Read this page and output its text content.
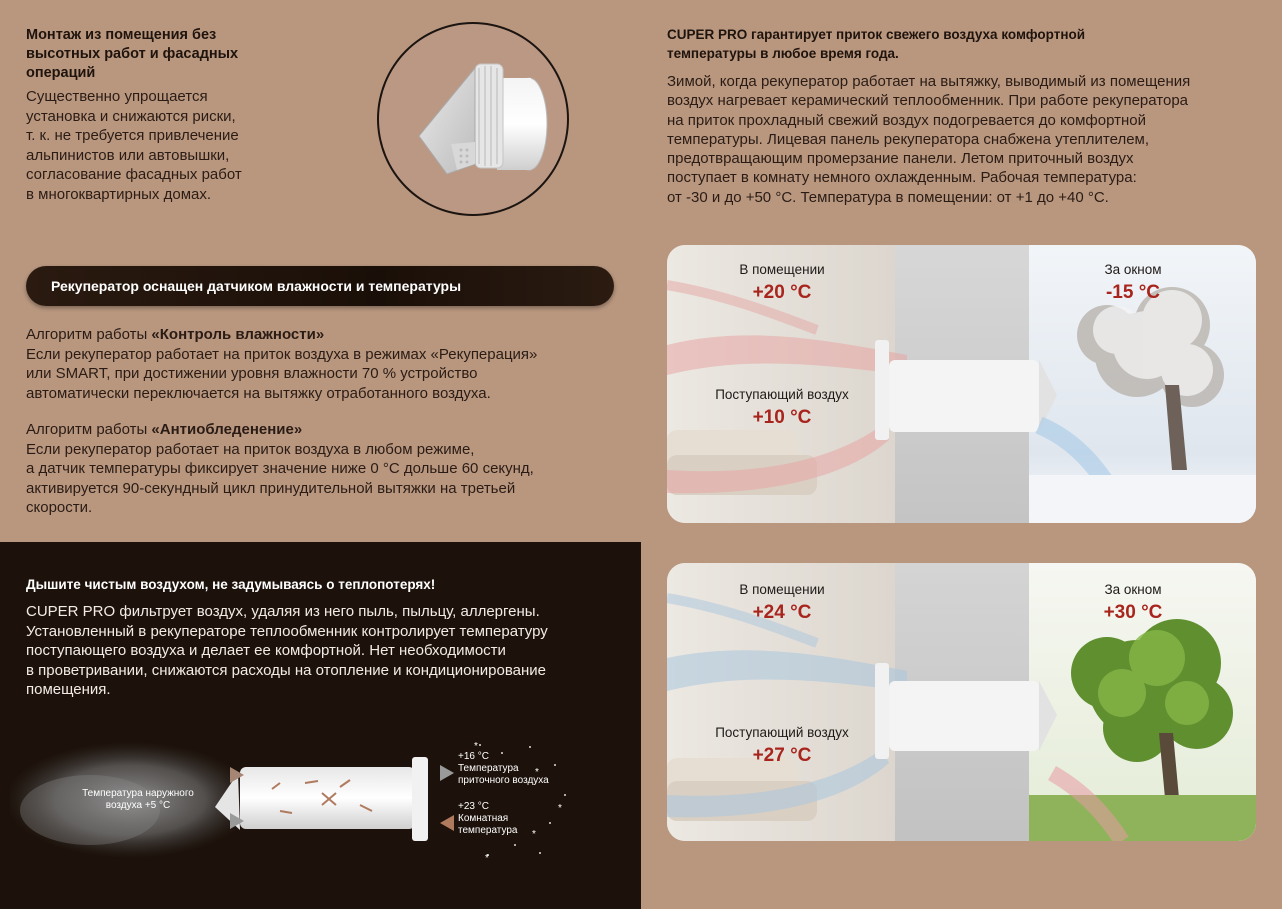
Монтаж из помещения без
высотных работ и фасадных
операций
Существенно упрощается
установка и снижаются риски,
т. к. не требуется привлечение
альпинистов или автовышки,
согласование фасадных работ
в многоквартирных домах.
Рекуператор оснащен датчиком влажности и температуры
Алгоритм работы «Контроль влажности»
Если рекуператор работает на приток воздуха в режимах «Рекуперация»
или SMART, при достижении уровня влажности 70 % устройство
автоматически переключается на вытяжку отработанного воздуха.
Алгоритм работы «Антиобледенение»
Если рекуператор работает на приток воздуха в любом режиме,
а датчик температуры фиксирует значение ниже 0 °С дольше 60 секунд,
активируется 90-секундный цикл принудительной вытяжки на третьей
скорости.
Дышите чистым воздухом, не задумываясь о теплопотерях!
CUPER PRO фильтрует воздух, удаляя из него пыль, пыльцу, аллергены.
Установленный в рекуператоре теплообменник контролирует температуру
поступающего воздуха и делает ее комфортной. Нет необходимости
в проветривании, снижаются расходы на отопление и кондиционирование
помещения.
*
*
*
*
*
Температура наружного
воздуха +5 °С
+16 °С
Температура
приточного воздуха
+23 °С
Комнатная
температура
CUPER PRO гарантирует приток свежего воздуха комфортной
температуры в любое время года.
Зимой, когда рекуператор работает на вытяжку, выводимый из помещения
воздух нагревает керамический теплообменник. При работе рекуператора
на приток прохладный свежий воздух подогревается до комфортной
температуры. Лицевая панель рекуператора снабжена утеплителем,
предотвращающим промерзание панели. Летом приточный воздух
поступает в комнату немного охлажденным. Рабочая температура:
от -30 и до +50 °С. Температура в помещении: от +1 до +40 °С.
В помещении
+20 °С
За окном
-15 °С
Поступающий воздух
+10 °С
В помещении
+24 °С
За окном
+30 °С
Поступающий воздух
+27 °С
